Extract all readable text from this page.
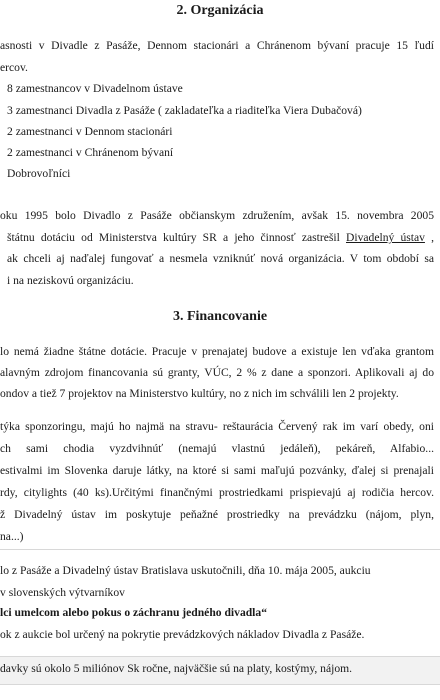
2. Organizácia
asnosti v Divadle z Pasáže, Dennom stacionári a Chránenom bývaní pracuje 15 ľudí
ercov.
8 zamestnancov v Divadelnom ústave
3 zamestnanci Divadla z Pasáže ( zakladateľka a riaditeľka Viera Dubačová)
2 zamestnanci v Dennom stacionári
2 zamestnanci v Chránenom bývaní
Dobrovoľníci
oku 1995 bolo Divadlo z Pasáže občianskym združením, avšak 15. novembra 2005
štátnu dotáciu od Ministerstva kultúry SR a jeho činnosť zastrešil Divadelný ústav ,
ak chceli aj naďalej fungovať a nesmela vzniknúť nová organizácia. V tom období sa
i na neziskovú organizáciu.
3. Financovanie
lo nemá žiadne štátne dotácie. Pracuje v prenajatej budove a existuje len vďaka grantom
alavným zdrojom financovania sú granty, VÚC, 2 % z dane a sponzori. Aplikovali aj do
ondov a tiež 7 projektov na Ministerstvo kultúry, no z nich im schválili len 2 projekty.
týka sponzoringu, majú ho najmä na stravu- reštaurácia Červený rak im varí obedy, oni
ch sami chodia vyzdvihnúť (nemajú vlastnú jedáleň), pekáreň, Alfabio...
estivalmi im Slovenka daruje látky, na ktoré si sami maľujú pozvánky, ďalej si prenajali
rdy, citylights (40 ks).Určitými finančnými prostriedkami prispievajú aj rodičia hercov.
ž Divadelný ústav im poskytuje peňažné prostriedky na prevádzku (nájom, plyn,
na...)
lo z Pasáže a Divadelný ústav Bratislava uskutočnili, dňa 10. mája 2005, aukciu
v slovenských výtvarníkov
lci umelcom alebo pokus o záchranu jedného divadla“
ok z aukcie bol určený na pokrytie prevádzkových nákladov Divadla z Pasáže.
davky sú okolo 5 miliónov Sk ročne, najväčšie sú na platy, kostýmy, nájom.
